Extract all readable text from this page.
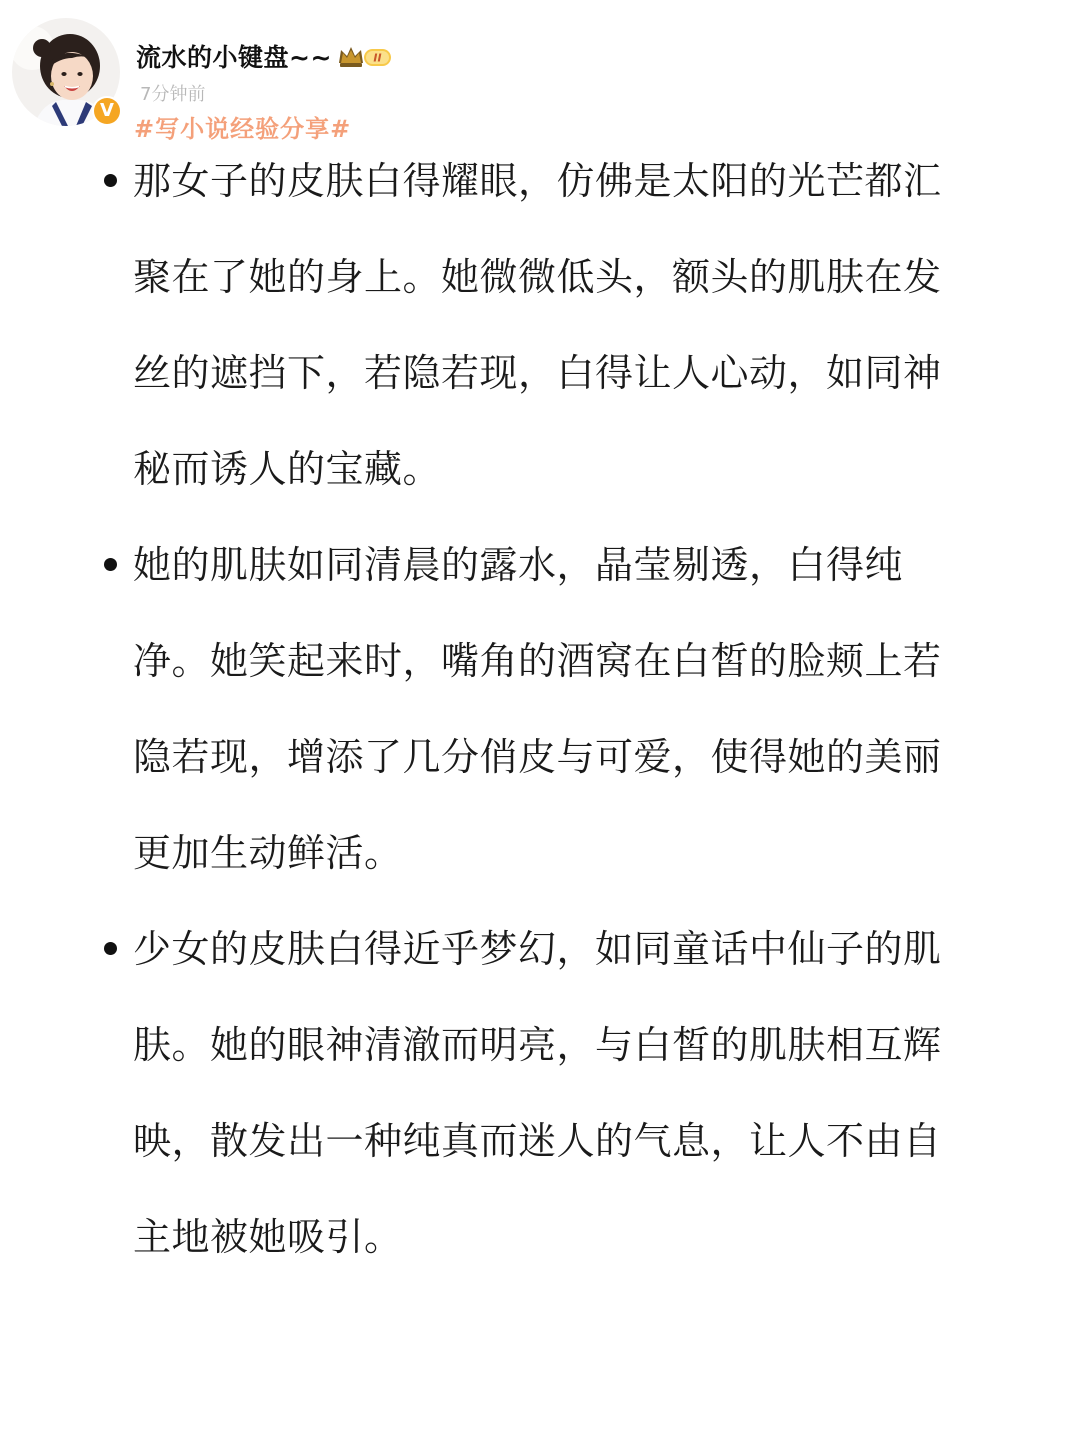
V
流水的小键盘~~	II
7分钟前
#写小说经验分享#
那女子的皮肤白得耀眼，仿佛是太阳的光芒都汇聚在了她的身上。她微微低头，额头的肌肤在发丝的遮挡下，若隐若现，白得让人心动，如同神秘而诱人的宝藏。
她的肌肤如同清晨的露水，晶莹剔透，白得纯净。她笑起来时，嘴角的酒窝在白皙的脸颊上若隐若现，增添了几分俏皮与可爱，使得她的美丽更加生动鲜活。
少女的皮肤白得近乎梦幻，如同童话中仙子的肌肤。她的眼神清澈而明亮，与白皙的肌肤相互辉映，散发出一种纯真而迷人的气息，让人不由自主地被她吸引。
